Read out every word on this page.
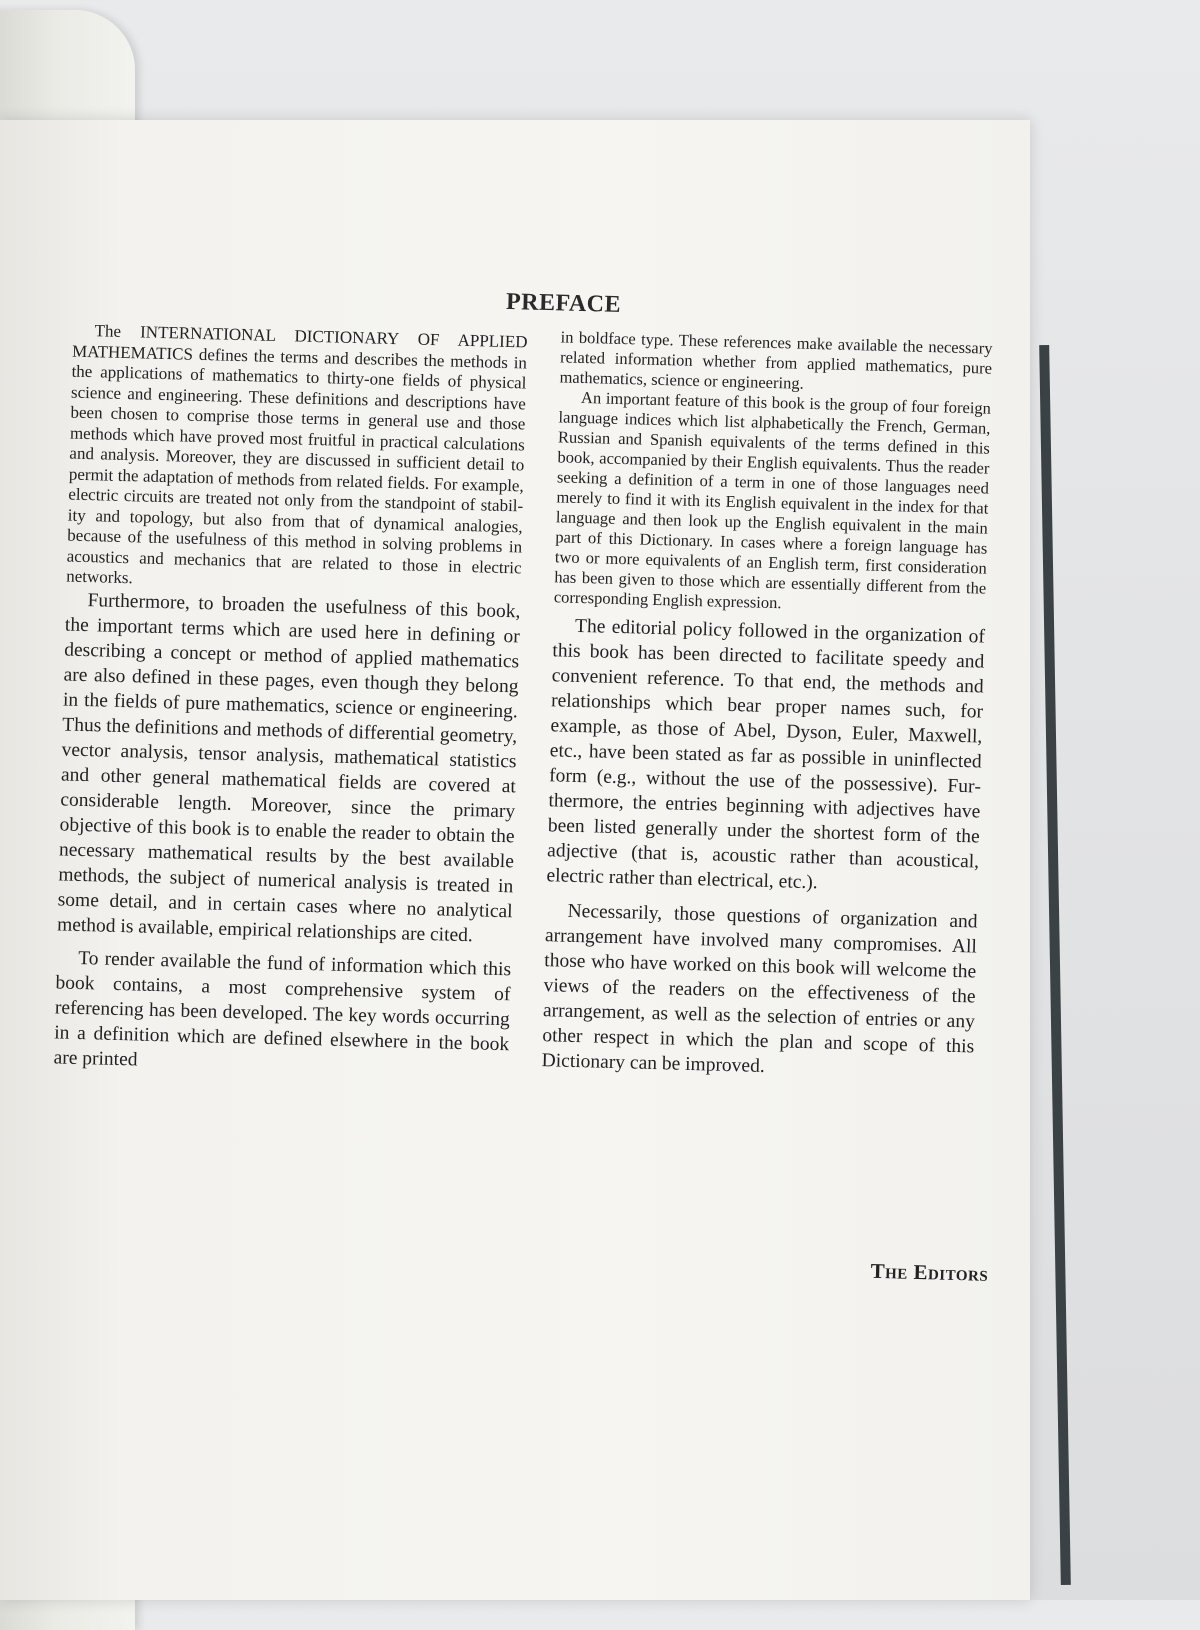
PREFACE

The INTERNATIONAL DICTIONARY OF APPLIED MATHEMATICS defines the terms and describes the methods in the applications of mathematics to thirty-one fields of physical science and engineering. These definitions and descriptions have been chosen to comprise those terms in general use and those methods which have proved most fruitful in practical calculations and analysis. Moreover, they are discussed in sufficient detail to permit the adaptation of methods from related fields. For example, electric circuits are treated not only from the standpoint of stability and topology, but also from that of dynamical analogies, because of the usefulness of this method in solving problems in acoustics and mechanics that are related to those in electric networks.

Furthermore, to broaden the usefulness of this book, the important terms which are used here in defining or describing a concept or method of applied mathematics are also defined in these pages, even though they belong in the fields of pure mathematics, science or engineering. Thus the definitions and methods of differential geometry, vector analysis, tensor analysis, mathematical statistics and other general mathematical fields are covered at considerable length. Moreover, since the primary objective of this book is to enable the reader to obtain the necessary mathematical results by the best available methods, the subject of numerical analysis is treated in some detail, and in certain cases where no analytical method is available, empirical relationships are cited.

To render available the fund of information which this book contains, a most comprehensive system of referencing has been developed. The key words occurring in a definition which are defined elsewhere in the book are printed

in boldface type. These references make available the necessary related information whether from applied mathematics, pure mathematics, science or engineering.

An important feature of this book is the group of four foreign language indices which list alphabetically the French, German, Russian and Spanish equivalents of the terms defined in this book, accompanied by their English equivalents. Thus the reader seeking a definition of a term in one of those languages need merely to find it with its English equivalent in the index for that language and then look up the English equivalent in the main part of this Dictionary. In cases where a foreign language has two or more equivalents of an English term, first consideration has been given to those which are essentially different from the corresponding English expression.

The editorial policy followed in the organization of this book has been directed to facilitate speedy and convenient reference. To that end, the methods and relationships which bear proper names such, for example, as those of Abel, Dyson, Euler, Maxwell, etc., have been stated as far as possible in uninflected form (e.g., without the use of the possessive). Furthermore, the entries beginning with adjectives have been listed generally under the shortest form of the adjective (that is, acoustic rather than acoustical, electric rather than electrical, etc.).

Necessarily, those questions of organization and arrangement have involved many compromises. All those who have worked on this book will welcome the views of the readers on the effectiveness of the arrangement, as well as the selection of entries or any other respect in which the plan and scope of this Dictionary can be improved.

The Editors
